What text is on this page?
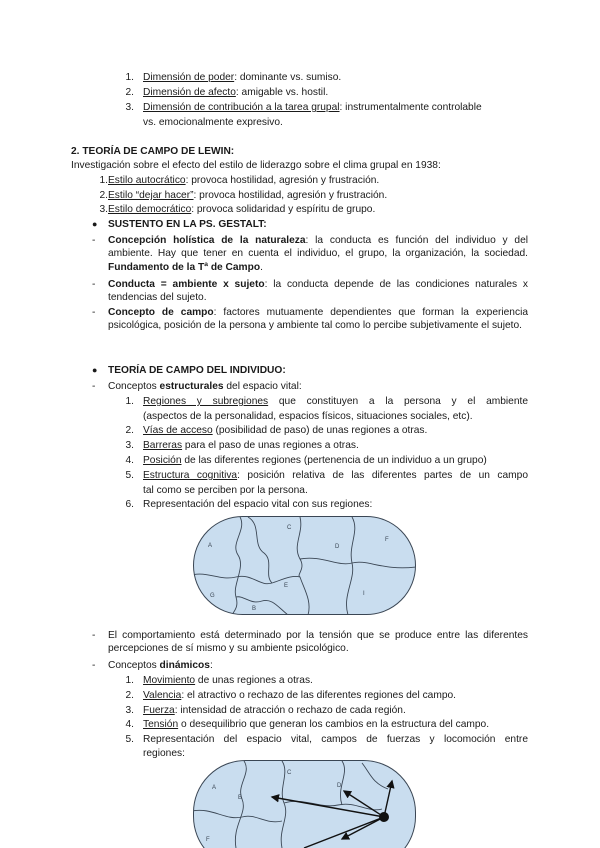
1. Dimensión de poder: dominante vs. sumiso.
2. Dimensión de afecto: amigable vs. hostil.
3. Dimensión de contribución a la tarea grupal: instrumentalmente controlable
vs. emocionalmente expresivo.
2. TEORÍA DE CAMPO DE LEWIN:
Investigación sobre el efecto del estilo de liderazgo sobre el clima grupal en 1938:
1. Estilo autocrático: provoca hostilidad, agresión y frustración.
2. Estilo “dejar hacer”: provoca hostilidad, agresión y frustración.
3. Estilo democrático: provoca solidaridad y espíritu de grupo.
● SUSTENTO EN LA PS. GESTALT:
- Concepción holística de la naturaleza: la conducta es función del individuo y del ambiente. Hay que tener en cuenta el individuo, el grupo, la organización, la sociedad. Fundamento de la Tª de Campo.
- Conducta = ambiente x sujeto: la conducta depende de las condiciones naturales x tendencias del sujeto.
- Concepto de campo: factores mutuamente dependientes que forman la experiencia psicológica, posición de la persona y ambiente tal como lo percibe subjetivamente el sujeto.
● TEORÍA DE CAMPO DEL INDIVIDUO:
- Conceptos estructurales del espacio vital:
1. Regiones y subregiones que constituyen a la persona y el ambiente
(aspectos de la personalidad, espacios físicos, situaciones sociales, etc).
2. Vías de acceso (posibilidad de paso) de unas regiones a otras.
3. Barreras para el paso de unas regiones a otras.
4. Posición de las diferentes regiones (pertenencia de un individuo a un grupo)
5. Estructura cognitiva: posición relativa de las diferentes partes de un campo
tal como se perciben por la persona.
6. Representación del espacio vital con sus regiones:
A
C
D
F
E
I
G
B
- El comportamiento está determinado por la tensión que se produce entre las diferentes percepciones de sí mismo y su ambiente psicológico.
- Conceptos dinámicos:
1. Movimiento de unas regiones a otras.
2. Valencia: el atractivo o rechazo de las diferentes regiones del campo.
3. Fuerza: intensidad de atracción o rechazo de cada región.
4. Tensión o desequilibrio que generan los cambios en la estructura del campo.
5. Representación del espacio vital, campos de fuerzas y locomoción entre
regiones:
A
B
C
D
F
